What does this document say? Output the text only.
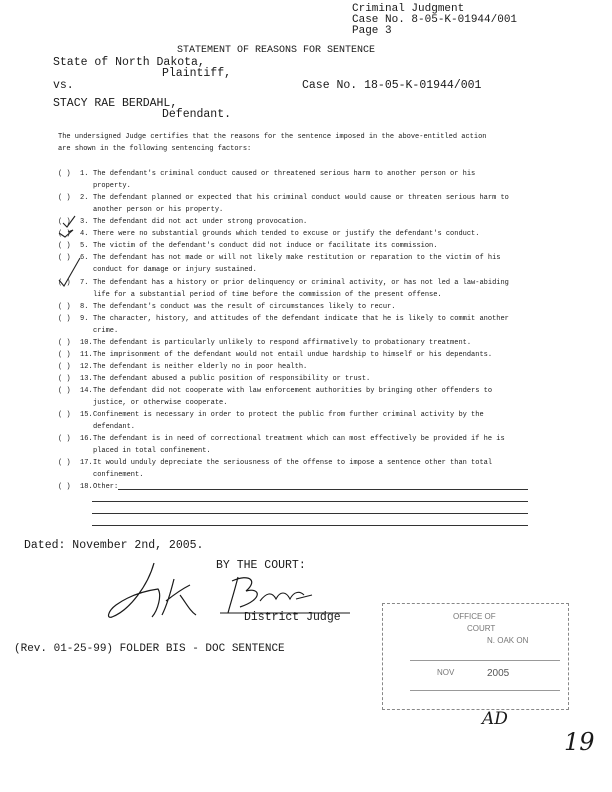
Criminal Judgment
Case No. 8-05-K-01944/001
Page 3
STATEMENT OF REASONS FOR SENTENCE
State of North Dakota,
Plaintiff,
vs.	Case No. 18-05-K-01944/001
STACY RAE BERDAHL,
Defendant.
The undersigned Judge certifies that the reasons for the sentence imposed in the above-entitled action
are shown in the following sentencing factors:
( ) 1. The defendant's criminal conduct caused or threatened serious harm to another person or his
property.
( ) 2. The defendant planned or expected that his criminal conduct would cause or threaten serious harm to
another person or his property.
( ) 3. The defendant did not act under strong provocation.
( ) 4. There were no substantial grounds which tended to excuse or justify the defendant's conduct.
( ) 5. The victim of the defendant's conduct did not induce or facilitate its commission.
( ) 6. The defendant has not made or will not likely make restitution or reparation to the victim of his
conduct for damage or injury sustained.
( ) 7. The defendant has a history or prior delinquency or criminal activity, or has not led a law-abiding
life for a substantial period of time before the commission of the present offense.
( ) 8. The defendant's conduct was the result of circumstances likely to recur.
( ) 9. The character, history, and attitudes of the defendant indicate that he is likely to commit another
crime.
( ) 10. The defendant is particularly unlikely to respond affirmatively to probationary treatment.
( ) 11. The imprisonment of the defendant would not entail undue hardship to himself or his dependants.
( ) 12. The defendant is neither elderly no in poor health.
( ) 13. The defendant abused a public position of responsibility or trust.
( ) 14. The defendant did not cooperate with law enforcement authorities by bringing other offenders to
justice, or otherwise cooperate.
( ) 15. Confinement is necessary in order to protect the public from further criminal activity by the
defendant.
( ) 16. The defendant is in need of correctional treatment which can most effectively be provided if he is
placed in total confinement.
( ) 17. It would unduly depreciate the seriousness of the offense to impose a sentence other than total
confinement.
( ) 18. Other:
Dated: November 2nd, 2005.
BY THE COURT:
District Judge
(Rev. 01-25-99) FOLDER BIS - DOC SENTENCE
OFFICE OF
COURT
N. OAK ON
NOV	2005
AD
19
